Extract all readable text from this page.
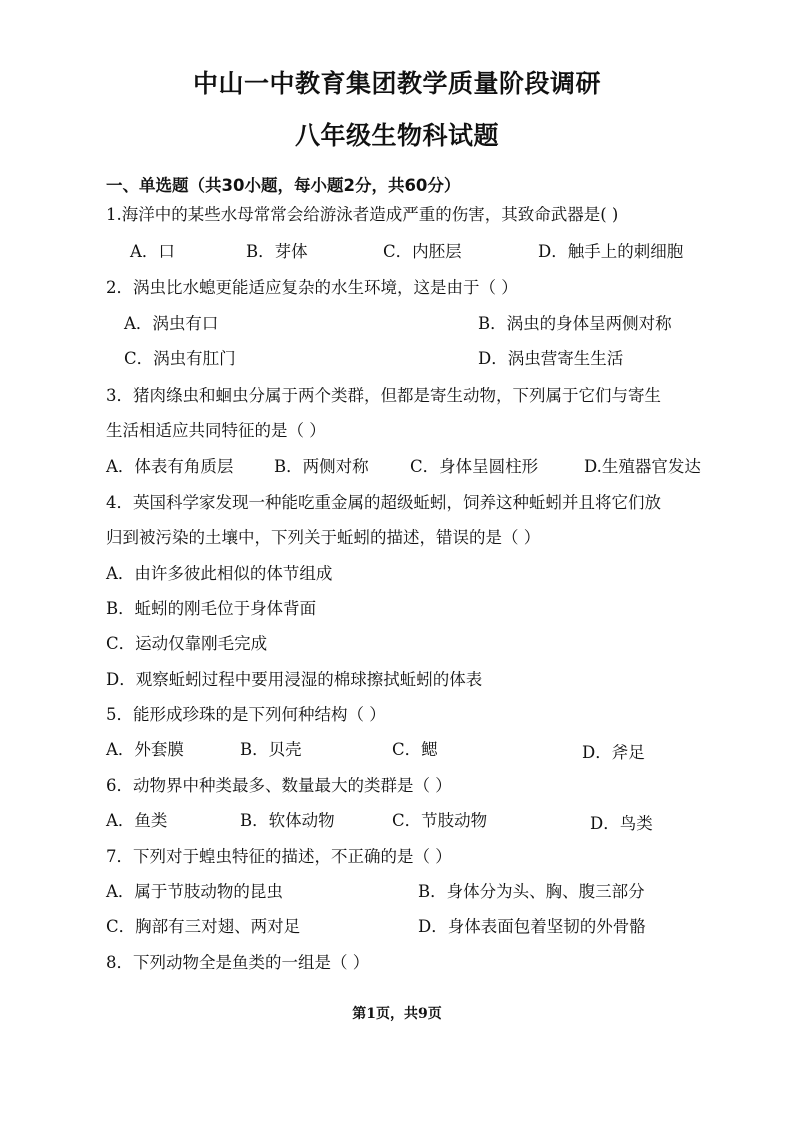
中山一中教育集团教学质量阶段调研
八年级生物科试题
一、单选题（共30小题，每小题2分，共60分）
1.海洋中的某些水母常常会给游泳者造成严重的伤害，其致命武器是( )
A．口	B．芽体	C．内胚层	D．触手上的刺细胞
2．涡虫比水螅更能适应复杂的水生环境，这是由于（ ）
A．涡虫有口	B．涡虫的身体呈两侧对称
C．涡虫有肛门	D．涡虫营寄生生活
3．猪肉绦虫和蛔虫分属于两个类群，但都是寄生动物，下列属于它们与寄生
生活相适应共同特征的是（ ）
A．体表有角质层 B．两侧对称	C．身体呈圆柱形	D.生殖器官发达
4．英国科学家发现一种能吃重金属的超级蚯蚓，饲养这种蚯蚓并且将它们放
归到被污染的土壤中，下列关于蚯蚓的描述，错误的是（ ）
A．由许多彼此相似的体节组成
B．蚯蚓的刚毛位于身体背面
C．运动仅靠刚毛完成
D．观察蚯蚓过程中要用浸湿的棉球擦拭蚯蚓的体表
5．能形成珍珠的是下列何种结构（ ）
A．外套膜	B．贝壳	C．鳃	D．斧足
6．动物界中种类最多、数量最大的类群是（ ）
A．鱼类	B．软体动物	C．节肢动物	D．鸟类
7．下列对于蝗虫特征的描述，不正确的是（ ）
A．属于节肢动物的昆虫	B．身体分为头、胸、腹三部分
C．胸部有三对翅、两对足	D．身体表面包着坚韧的外骨骼
8．下列动物全是鱼类的一组是（ ）
第1页，共9页
